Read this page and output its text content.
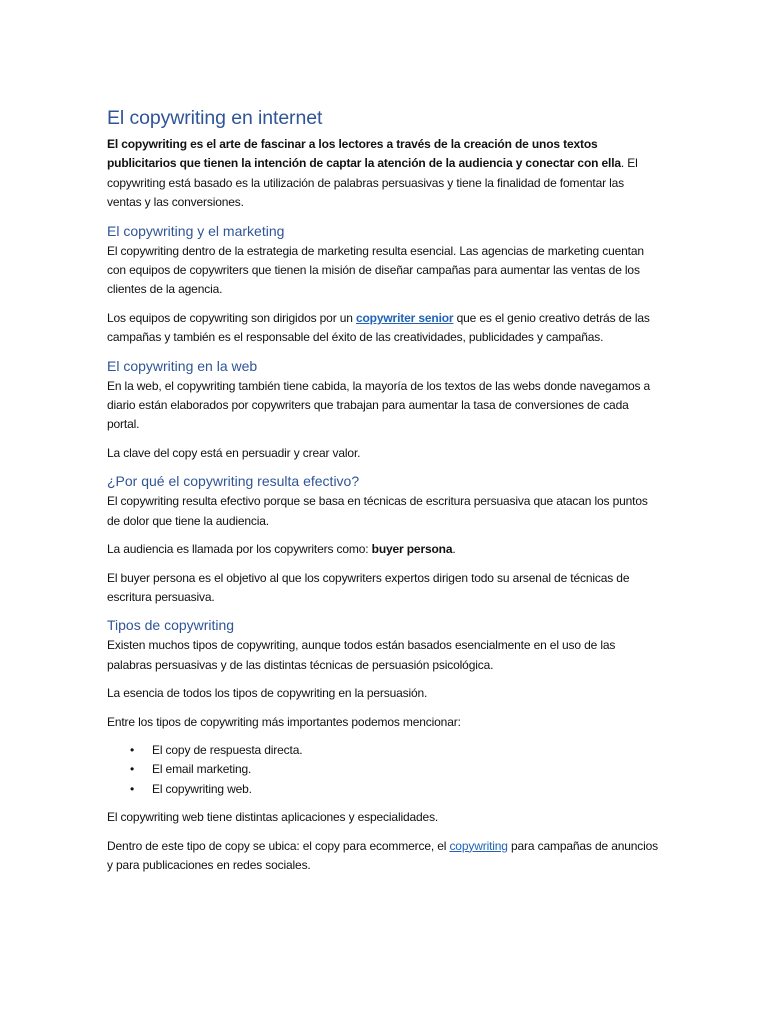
El copywriting en internet

El copywriting es el arte de fascinar a los lectores a través de la creación de unos textos publicitarios que tienen la intención de captar la atención de la audiencia y conectar con ella. El copywriting está basado es la utilización de palabras persuasivas y tiene la finalidad de fomentar las ventas y las conversiones.

El copywriting y el marketing

El copywriting dentro de la estrategia de marketing resulta esencial. Las agencias de marketing cuentan con equipos de copywriters que tienen la misión de diseñar campañas para aumentar las ventas de los clientes de la agencia.

Los equipos de copywriting son dirigidos por un copywriter senior que es el genio creativo detrás de las campañas y también es el responsable del éxito de las creatividades, publicidades y campañas.

El copywriting en la web

En la web, el copywriting también tiene cabida, la mayoría de los textos de las webs donde navegamos a diario están elaborados por copywriters que trabajan para aumentar la tasa de conversiones de cada portal.

La clave del copy está en persuadir y crear valor.

¿Por qué el copywriting resulta efectivo?

El copywriting resulta efectivo porque se basa en técnicas de escritura persuasiva que atacan los puntos de dolor que tiene la audiencia.

La audiencia es llamada por los copywriters como: buyer persona.

El buyer persona es el objetivo al que los copywriters expertos dirigen todo su arsenal de técnicas de escritura persuasiva.

Tipos de copywriting

Existen muchos tipos de copywriting, aunque todos están basados esencialmente en el uso de las palabras persuasivas y de las distintas técnicas de persuasión psicológica.

La esencia de todos los tipos de copywriting en la persuasión.

Entre los tipos de copywriting más importantes podemos mencionar:

• El copy de respuesta directa.
• El email marketing.
• El copywriting web.

El copywriting web tiene distintas aplicaciones y especialidades.

Dentro de este tipo de copy se ubica: el copy para ecommerce, el copywriting para campañas de anuncios y para publicaciones en redes sociales.
